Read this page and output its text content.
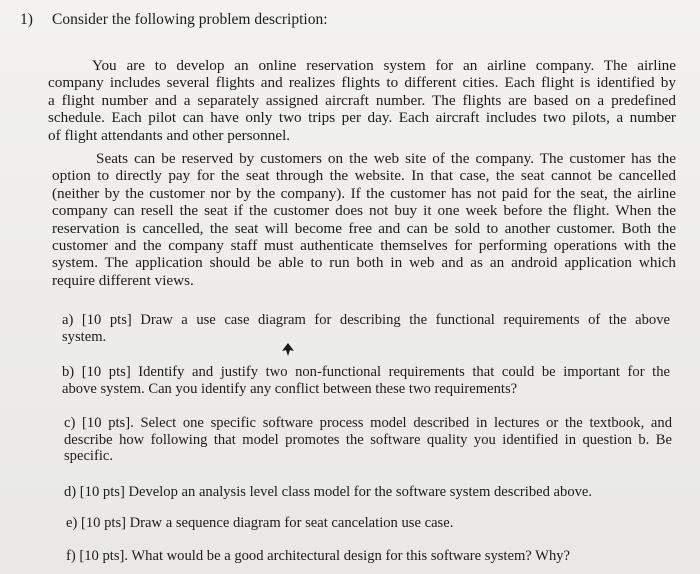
1) Consider the following problem description:
You are to develop an online reservation system for an airline company. The airline
company includes several flights and realizes flights to different cities. Each flight is identified by
a flight number and a separately assigned aircraft number. The flights are based on a predefined
schedule. Each pilot can have only two trips per day. Each aircraft includes two pilots, a number
of flight attendants and other personnel.
Seats can be reserved by customers on the web site of the company. The customer has the
option to directly pay for the seat through the website. In that case, the seat cannot be cancelled
(neither by the customer nor by the company). If the customer has not paid for the seat, the airline
company can resell the seat if the customer does not buy it one week before the flight. When the
reservation is cancelled, the seat will become free and can be sold to another customer. Both the
customer and the company staff must authenticate themselves for performing operations with the
system. The application should be able to run both in web and as an android application which
require different views.
a) [10 pts] Draw a use case diagram for describing the functional requirements of the above
system.
b) [10 pts] Identify and justify two non-functional requirements that could be important for the
above system. Can you identify any conflict between these two requirements?
c) [10 pts]. Select one specific software process model described in lectures or the textbook, and
describe how following that model promotes the software quality you identified in question b. Be
specific.
d) [10 pts] Develop an analysis level class model for the software system described above.
e) [10 pts] Draw a sequence diagram for seat cancelation use case.
f) [10 pts]. What would be a good architectural design for this software system? Why?
